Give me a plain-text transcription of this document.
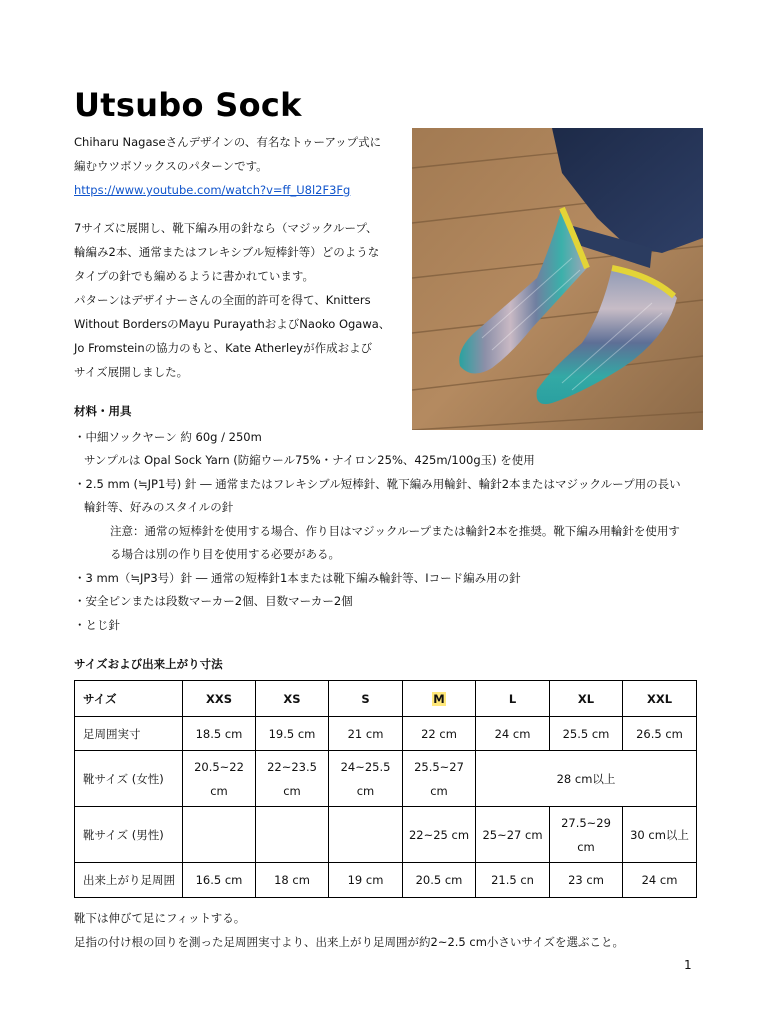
Utsubo Sock

Chiharu Nagaseさんデザインの、有名なトゥーアップ式に

編むウツボソックスのパターンです。

https://www.youtube.com/watch?v=ff_U8l2F3Fg

7サイズに展開し、靴下編み用の針なら（マジックループ、

輪編み2本、通常またはフレキシブル短棒針等）どのような

タイプの針でも編めるように書かれています。

パターンはデザイナーさんの全面的許可を得て、Knitters

Without BordersのMayu PurayathおよびNaoko Ogawa、

Jo Fromsteinの協力のもと、Kate Atherleyが作成および

サイズ展開しました。

材料・用具

・中細ソックヤーン 約 60g / 250m

サンプルは Opal Sock Yarn (防縮ウール75%・ナイロン25%、425m/100g玉) を使用

・2.5 mm (≒JP1号) 針 ― 通常またはフレキシブル短棒針、靴下編み用輪針、輪針2本またはマジックループ用の長い

輪針等、好みのスタイルの針

注意：通常の短棒針を使用する場合、作り目はマジックループまたは輪針2本を推奨。靴下編み用輪針を使用す

る場合は別の作り目を使用する必要がある。

・3 mm（≒JP3号）針 ― 通常の短棒針1本または靴下編み輪針等、Iコード編み用の針

・安全ピンまたは段数マーカー2個、目数マーカー2個

・とじ針

サイズおよび出来上がり寸法
サイズ	XXS	XS	S	M	L	XL	XXL
足周囲実寸	18.5 cm	19.5 cm	21 cm	22 cm	24 cm	25.5 cm	26.5 cm
靴サイズ (女性)	20.5~22 cm	22~23.5 cm	24~25.5 cm	25.5~27 cm	28 cm以上		
靴サイズ (男性)				22~25 cm	25~27 cm	27.5~29 cm	30 cm以上
出来上がり足周囲	16.5 cm	18 cm	19 cm	20.5 cm	21.5 cn	23 cm	24 cm

靴下は伸びて足にフィットする。

足指の付け根の回りを測った足周囲実寸より、出来上がり足周囲が約2~2.5 cm小さいサイズを選ぶこと。

1
